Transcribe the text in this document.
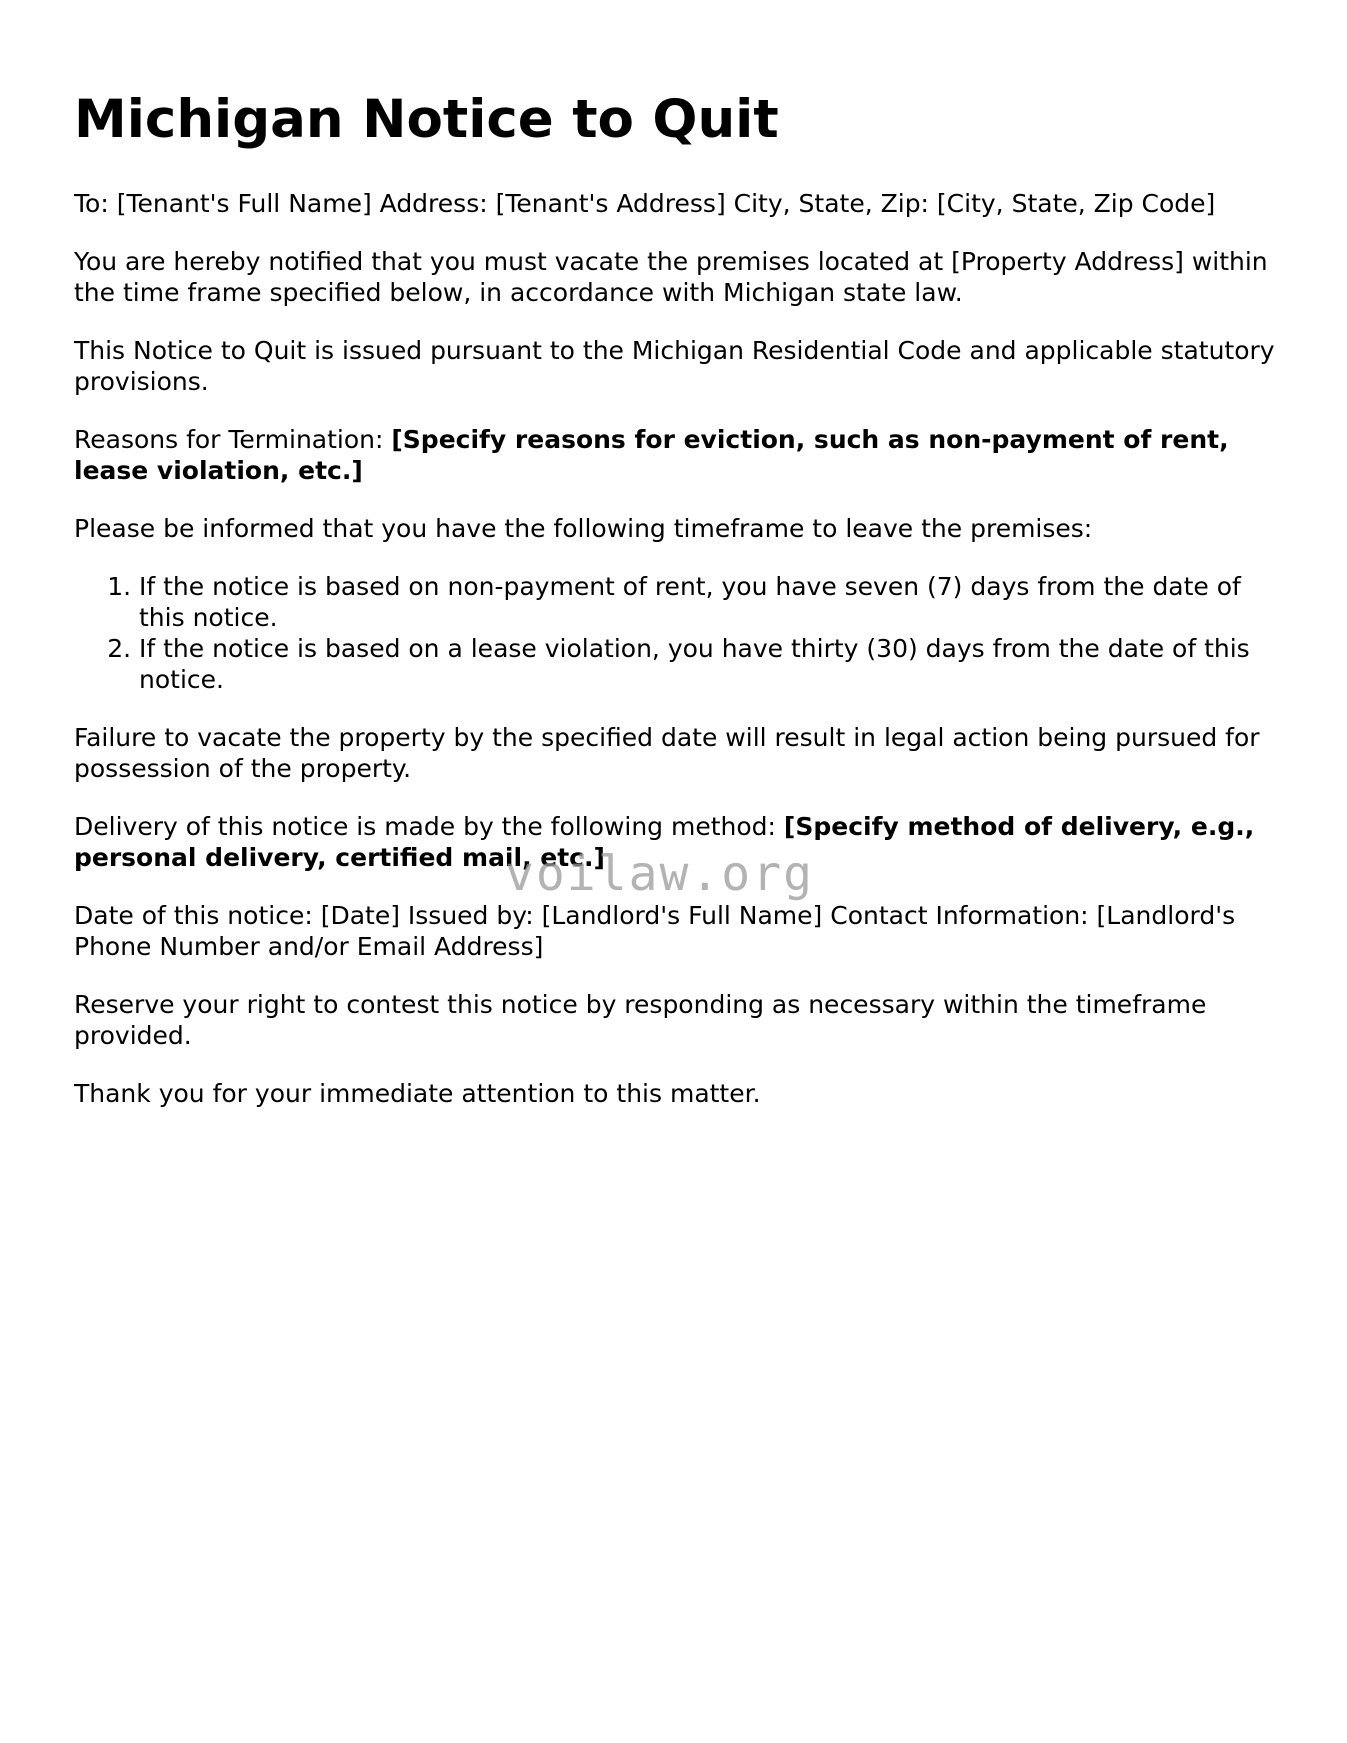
Michigan Notice to Quit

To: [Tenant's Full Name] Address: [Tenant's Address] City, State, Zip: [City, State, Zip Code]

You are hereby notified that you must vacate the premises located at [Property Address] within the time frame specified below, in accordance with Michigan state law.

This Notice to Quit is issued pursuant to the Michigan Residential Code and applicable statutory provisions.

Reasons for Termination: [Specify reasons for eviction, such as non-payment of rent, lease violation, etc.]

Please be informed that you have the following timeframe to leave the premises:

1. If the notice is based on non-payment of rent, you have seven (7) days from the date of this notice.
2. If the notice is based on a lease violation, you have thirty (30) days from the date of this notice.

Failure to vacate the property by the specified date will result in legal action being pursued for possession of the property.

Delivery of this notice is made by the following method: [Specify method of delivery, e.g., personal delivery, certified mail, etc.]

Date of this notice: [Date] Issued by: [Landlord's Full Name] Contact Information: [Landlord's Phone Number and/or Email Address]

Reserve your right to contest this notice by responding as necessary within the timeframe provided.

Thank you for your immediate attention to this matter.

voilaw.org
